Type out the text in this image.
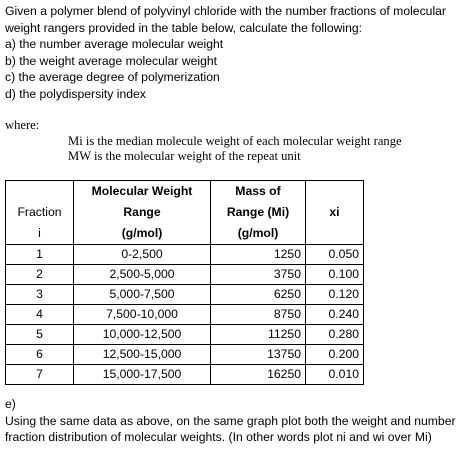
Given a polymer blend of polyvinyl chloride with the number fractions of molecular
weight rangers provided in the table below, calculate the following:
a) the number average molecular weight
b) the weight average molecular weight
c) the average degree of polymerization
d) the polydispersity index
where:
Mi is the median molecule weight of each molecular weight range
MW is the molecular weight of the repeat unit
	Molecular Weight	Mass of	
Fraction	Range	Range (Mi)	xi
i	(g/mol)	(g/mol)	
1	0-2,500	1250	0.050
2	2,500-5,000	3750	0.100
3	5,000-7,500	6250	0.120
4	7,500-10,000	8750	0.240
5	10,000-12,500	11250	0.280
6	12,500-15,000	13750	0.200
7	15,000-17,500	16250	0.010
e)
Using the same data as above, on the same graph plot both the weight and number
fraction distribution of molecular weights. (In other words plot ni and wi over Mi)
